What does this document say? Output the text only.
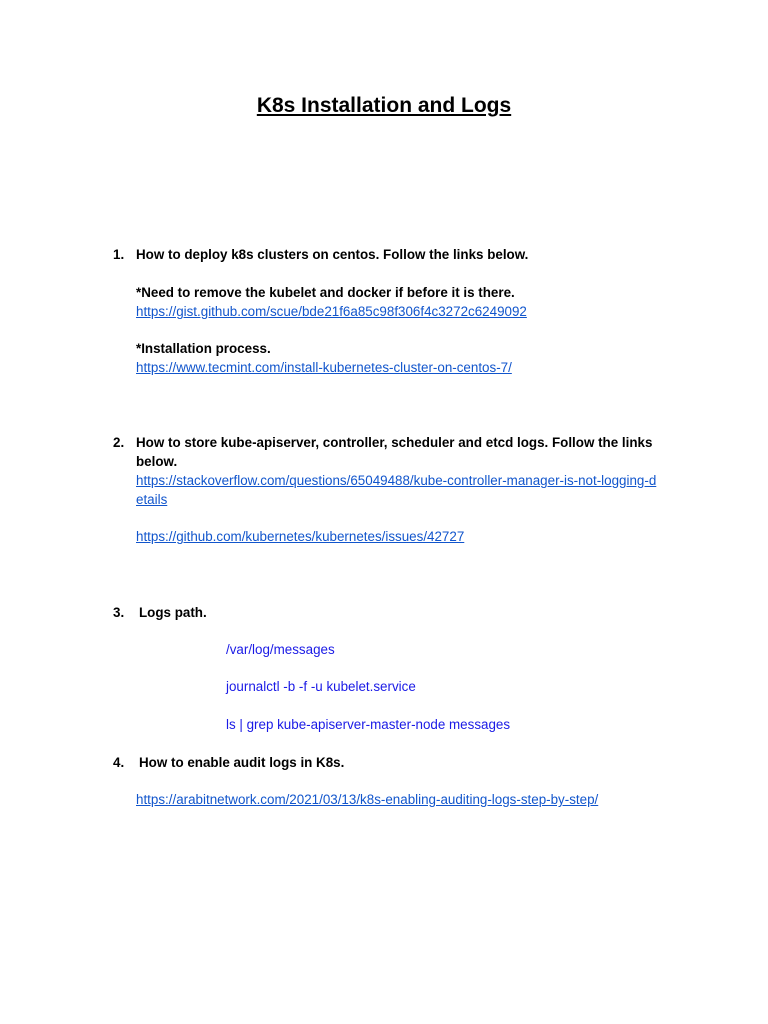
K8s Installation and Logs
1. How to deploy k8s clusters on centos. Follow the links below.
*Need to remove the kubelet and docker if before it is there.
https://gist.github.com/scue/bde21f6a85c98f306f4c3272c6249092
*Installation process.
https://www.tecmint.com/install-kubernetes-cluster-on-centos-7/
2. How to store kube-apiserver, controller, scheduler and etcd logs. Follow the links
below.
https://stackoverflow.com/questions/65049488/kube-controller-manager-is-not-logging-d
etails
https://github.com/kubernetes/kubernetes/issues/42727
3. Logs path.
/var/log/messages
journalctl -b -f -u kubelet.service
ls | grep kube-apiserver-master-node messages
4. How to enable audit logs in K8s.
https://arabitnetwork.com/2021/03/13/k8s-enabling-auditing-logs-step-by-step/
